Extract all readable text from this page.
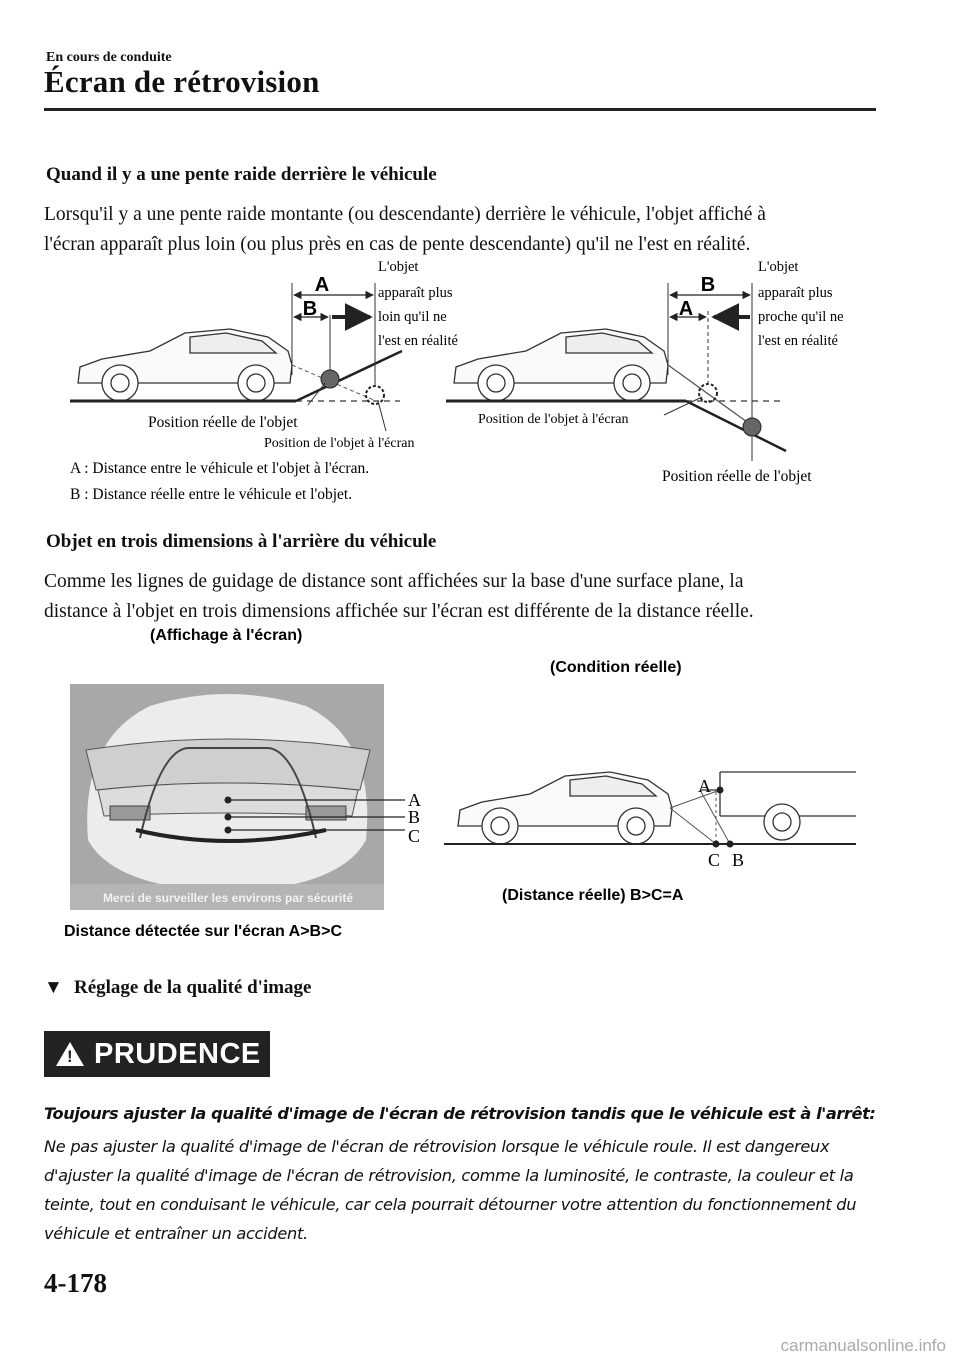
En cours de conduite
Écran de rétrovision
Quand il y a une pente raide derrière le véhicule

Lorsqu'il y a une pente raide montante (ou descendante) derrière le véhicule, l'objet affiché à

l'écran apparaît plus loin (ou plus près en cas de pente descendante) qu'il ne l'est en réalité.

A
B
L'objet
apparaît plus
loin qu'il ne
l'est en réalité
Position réelle de l'objet
Position de l'objet à l'écran
B
A
L'objet
apparaît plus
proche qu'il ne
l'est en réalité
Position de l'objet à l'écran
Position réelle de l'objet
A : Distance entre le véhicule et l'objet à l'écran.
B : Distance réelle entre le véhicule et l'objet.
Objet en trois dimensions à l'arrière du véhicule

Comme les lignes de guidage de distance sont affichées sur la base d'une surface plane, la

distance à l'objet en trois dimensions affichée sur l'écran est différente de la distance réelle.

(Affichage à l'écran)
(Condition réelle)
Merci de surveiller les environs par sécurité
A
B
C
Distance détectée sur l'écran A>B>C
A
C B
(Distance réelle) B>C=A
▼ Réglage de la qualité d'image
! PRUDENCE
Toujours ajuster la qualité d'image de l'écran de rétrovision tandis que le véhicule est à l'arrêt:
Ne pas ajuster la qualité d'image de l'écran de rétrovision lorsque le véhicule roule. Il est dangereux d'ajuster la qualité d'image de l'écran de rétrovision, comme la luminosité, le contraste, la couleur et la teinte, tout en conduisant le véhicule, car cela pourrait détourner votre attention du fonctionnement du véhicule et entraîner un accident.
4-178
carmanualsonline.info
